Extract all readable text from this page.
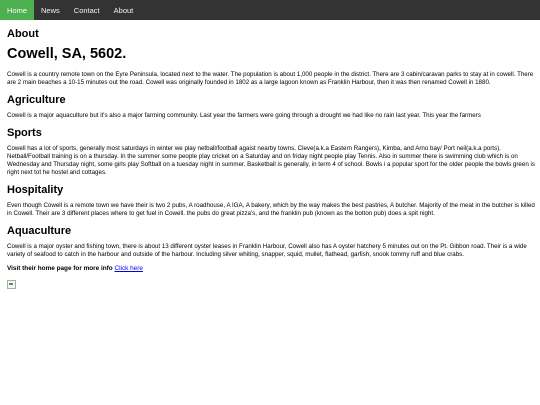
Home	News	Contact	About
About
Cowell, SA, 5602.

Cowell is a country remote town on the Eyre Peninsula, located next to the water. The population is about 1,000 people in the district. There are 3 cabin/caravan parks to stay at in cowell. There are 2 main beaches a 10-15 minutes out the road. Cowell was originally founded in 1802 as a large lagoon known as Franklin Harbour, then it was then renamed Cowell in 1880.

Agriculture

Cowell is a major aquaculture but it's also a major farming community. Last year the farmers were going through a drought we had like no rain last year. This year the farmers

Sports

Cowell has a lot of sports, generally most saturdays in winter we play netball/football agaist nearby towns, Cleve(a.k.a Eastern Rangers), Kimba, and Arno bay/ Port neil(a.k.a ports). Netball/Football training is on a thursday. In the summer some people play cricket on a Saturday and on friday night people play Tennis. Also in summer there is swimming club which is on Wednesday and Thursday night, some girls play Softball on a tuesday night in summer. Basketball is generally, in term 4 of school. Bowls i a popular sport for the older people the bowls green is right next tot he hostel and cottages.

Hospitality

Even though Cowell is a remote town we have their is two 2 pubs, A roadhouse, A IGA, A bakery, which by the way makes the best pastries, A butcher. Majority of the meat in the butcher is killed in Cowell. Their are 3 different places where to get fuel in Cowell. the pubs do great pizza's, and the franklin pub (known as the botton pub) does a spit night.

Aquaculture

Cowell is a major oyster and fishing town, there is about 13 different oyster leases in Franklin Harbour, Cowell also has A oyster hatchery 5 minutes out on the Pt. Gibbon road. Their is a wide variety of seafood to catch in the harbour and outside of the harbour. Including silver whiting, snapper, squid, mullet, flathead, garfish, snook tommy ruff and blue crabs.

Visit their home page for more info Click here
